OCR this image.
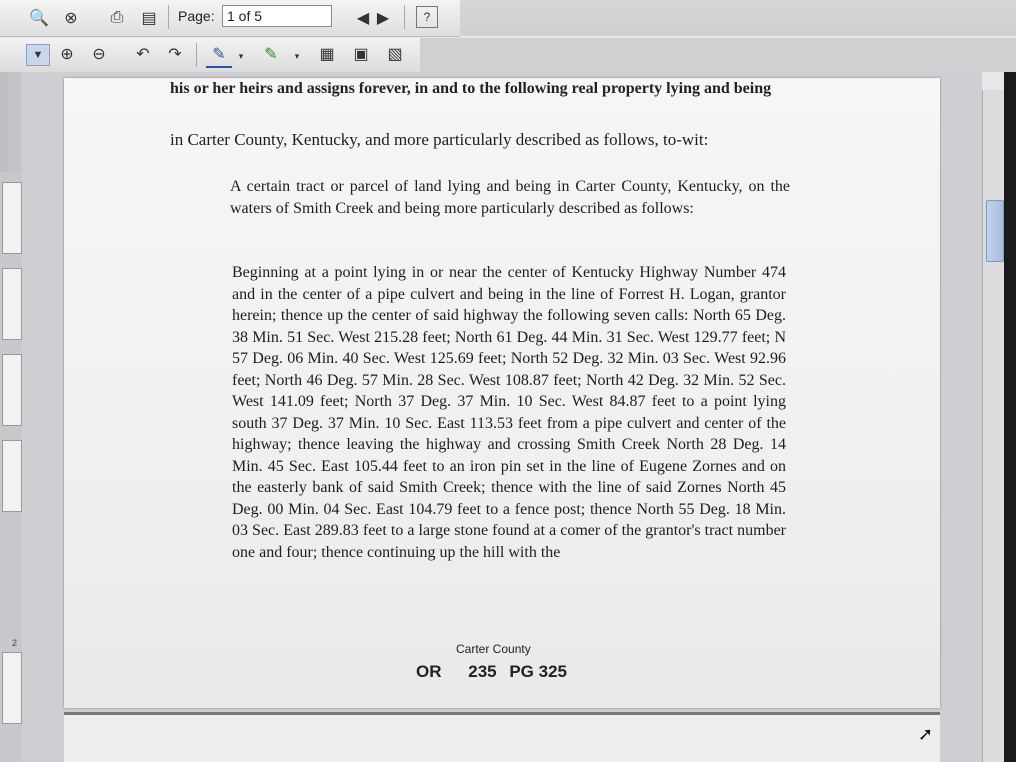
🔍 ⊗	⎙	▤	Page:
1 of 5	◀ ▶	?
▼	⊕	⊖	↶	↷	✎	▾	✎	▾	▦	▣	▧
2
his or her heirs and assigns forever, in and to the following real property lying and being
in Carter County, Kentucky, and more particularly described as follows, to-wit:
A certain tract or parcel of land lying and being in Carter County, Kentucky, on the waters of Smith Creek and being more particularly described as follows:
Beginning at a point lying in or near the center of Kentucky Highway Number 474 and in the center of a pipe culvert and being in the line of Forrest H. Logan, grantor herein; thence up the center of said highway the following seven calls: North 65 Deg. 38 Min. 51 Sec. West 215.28 feet; North 61 Deg. 44 Min. 31 Sec. West 129.77 feet; N 57 Deg. 06 Min. 40 Sec. West 125.69 feet; North 52 Deg. 32 Min. 03 Sec. West 92.96 feet; North 46 Deg. 57 Min. 28 Sec. West 108.87 feet; North 42 Deg. 32 Min. 52 Sec. West 141.09 feet; North 37 Deg. 37 Min. 10 Sec. West 84.87 feet to a point lying south 37 Deg. 37 Min. 10 Sec. East 113.53 feet from a pipe culvert and center of the highway; thence leaving the highway and crossing Smith Creek North 28 Deg. 14 Min. 45 Sec. East 105.44 feet to an iron pin set in the line of Eugene Zornes and on the easterly bank of said Smith Creek; thence with the line of said Zornes North 45 Deg. 00 Min. 04 Sec. East 104.79 feet to a fence post; thence North 55 Deg. 18 Min. 03 Sec. East 289.83 feet to a large stone found at a comer of the grantor's tract number one and four; thence continuing up the hill with the
Carter County
OR 235 PG 325
➚
